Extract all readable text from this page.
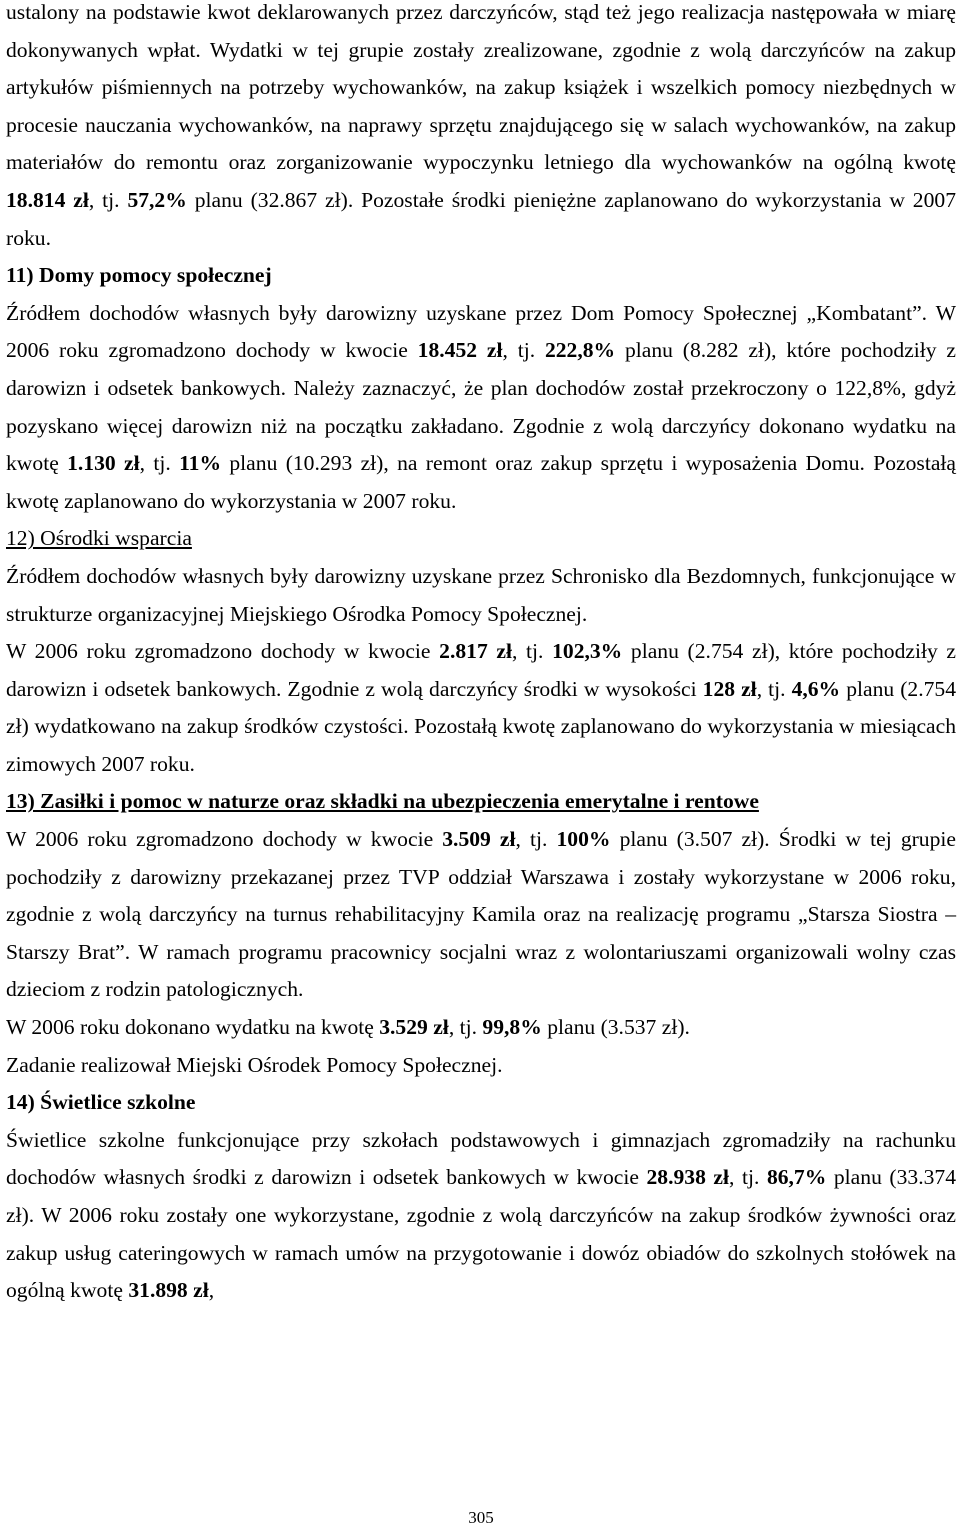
ustalony na podstawie kwot deklarowanych przez darczyńców, stąd też jego realizacja następowała w miarę dokonywanych wpłat. Wydatki w tej grupie zostały zrealizowane, zgodnie z wolą darczyńców na zakup artykułów piśmiennych na potrzeby wychowanków, na zakup książek i wszelkich pomocy niezbędnych w procesie nauczania wychowanków, na naprawy sprzętu znajdującego się w salach wychowanków, na zakup materiałów do remontu oraz zorganizowanie wypoczynku letniego dla wychowanków na ogólną kwotę 18.814 zł, tj. 57,2% planu (32.867 zł). Pozostałe środki pieniężne zaplanowano do wykorzystania w 2007 roku.

11) Domy pomocy społecznej

Źródłem dochodów własnych były darowizny uzyskane przez Dom Pomocy Społecznej „Kombatant”. W 2006 roku zgromadzono dochody w kwocie 18.452 zł, tj. 222,8% planu (8.282 zł), które pochodziły z darowizn i odsetek bankowych. Należy zaznaczyć, że plan dochodów został przekroczony o 122,8%, gdyż pozyskano więcej darowizn niż na początku zakładano. Zgodnie z wolą darczyńcy dokonano wydatku na kwotę 1.130 zł, tj. 11% planu (10.293 zł), na remont oraz zakup sprzętu i wyposażenia Domu. Pozostałą kwotę zaplanowano do wykorzystania w 2007 roku.

12) Ośrodki wsparcia

Źródłem dochodów własnych były darowizny uzyskane przez Schronisko dla Bezdomnych, funkcjonujące w strukturze organizacyjnej Miejskiego Ośrodka Pomocy Społecznej.

W 2006 roku zgromadzono dochody w kwocie 2.817 zł, tj. 102,3% planu (2.754 zł), które pochodziły z darowizn i odsetek bankowych. Zgodnie z wolą darczyńcy środki w wysokości 128 zł, tj. 4,6% planu (2.754 zł) wydatkowano na zakup środków czystości. Pozostałą kwotę zaplanowano do wykorzystania w miesiącach zimowych 2007 roku.

13) Zasiłki i pomoc w naturze oraz składki na ubezpieczenia emerytalne i rentowe

W 2006 roku zgromadzono dochody w kwocie 3.509 zł, tj. 100% planu (3.507 zł). Środki w tej grupie pochodziły z darowizny przekazanej przez TVP oddział Warszawa i zostały wykorzystane w 2006 roku, zgodnie z wolą darczyńcy na turnus rehabilitacyjny Kamila oraz na realizację programu „Starsza Siostra – Starszy Brat”. W ramach programu pracownicy socjalni wraz z wolontariuszami organizowali wolny czas dzieciom z rodzin patologicznych.

W 2006 roku dokonano wydatku na kwotę 3.529 zł, tj. 99,8% planu (3.537 zł).

Zadanie realizował Miejski Ośrodek Pomocy Społecznej.

14) Świetlice szkolne

Świetlice szkolne funkcjonujące przy szkołach podstawowych i gimnazjach zgromadziły na rachunku dochodów własnych środki z darowizn i odsetek bankowych w kwocie 28.938 zł, tj. 86,7% planu (33.374 zł). W 2006 roku zostały one wykorzystane, zgodnie z wolą darczyńców na zakup środków żywności oraz zakup usług cateringowych w ramach umów na przygotowanie i dowóz obiadów do szkolnych stołówek na ogólną kwotę 31.898 zł,

305
